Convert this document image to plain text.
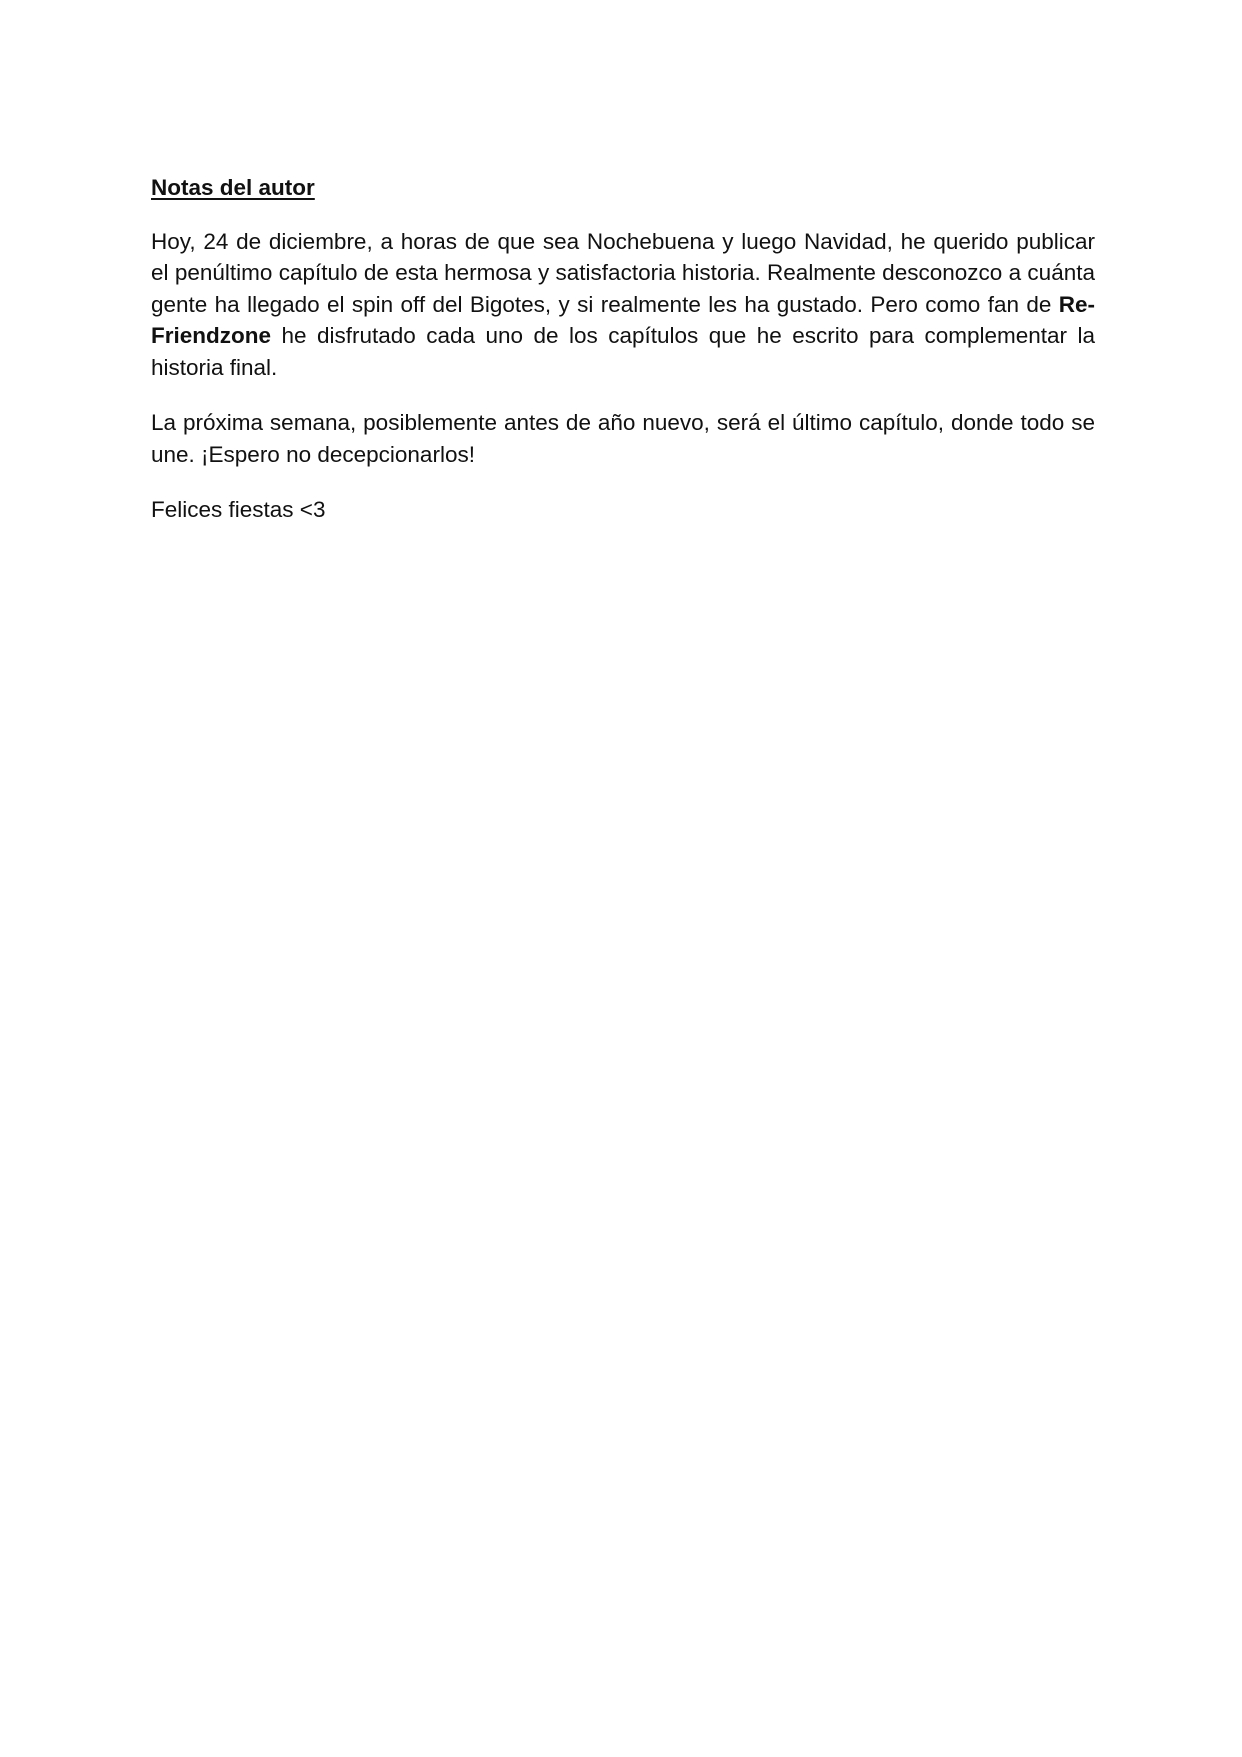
Notas del autor

Hoy, 24 de diciembre, a horas de que sea Nochebuena y luego Navidad, he querido publicar el penúltimo capítulo de esta hermosa y satisfactoria historia. Realmente desconozco a cuánta gente ha llegado el spin off del Bigotes, y si realmente les ha gustado. Pero como fan de Re-Friendzone he disfrutado cada uno de los capítulos que he escrito para complementar la historia final.

La próxima semana, posiblemente antes de año nuevo, será el último capítulo, donde todo se une. ¡Espero no decepcionarlos!

Felices fiestas <3
